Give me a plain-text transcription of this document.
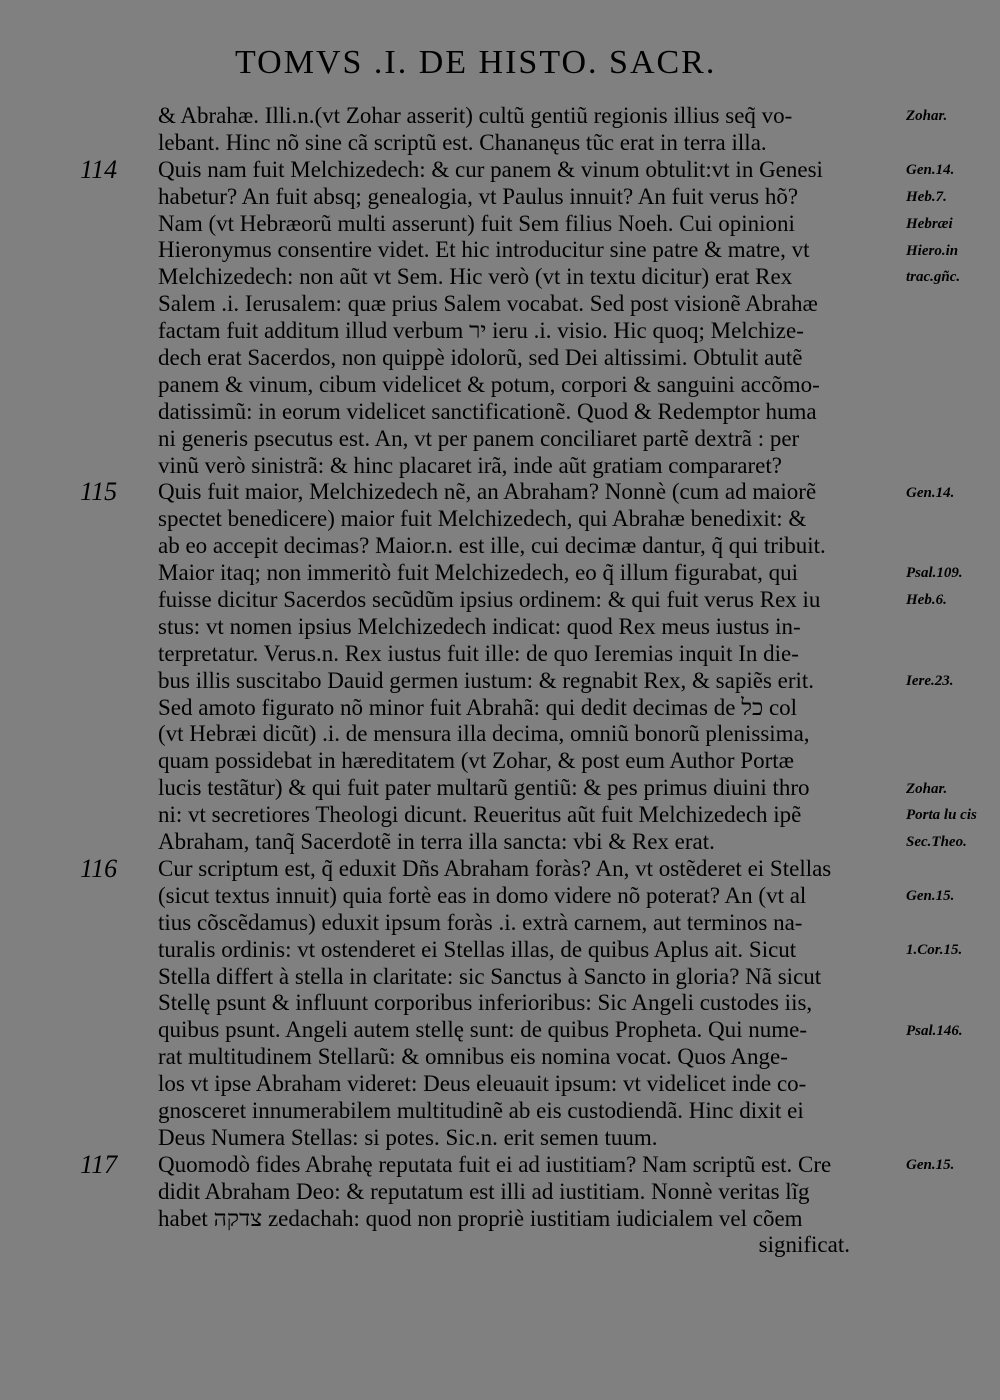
TOMVS .I. DE HISTO. SACR.
& Abrahæ. Illi.n.(vt Zohar asserit) cultũ gentiũ regionis illius seq̃ vo-
lebant. Hinc nõ sine cã scriptũ est. Chananęus tũc erat in terra illa.
114	Quis nam fuit Melchizedech: & cur panem & vinum obtulit:vt in Genesi
habetur? An fuit absq; genealogia, vt Paulus innuit? An fuit verus hõ?
Nam (vt Hebræorũ multi asserunt) fuit Sem filius Noeh. Cui opinioni
Hieronymus consentire videt. Et hic introducitur sine patre & matre, vt
Melchizedech: non aũt vt Sem. Hic verò (vt in textu dicitur) erat Rex
Salem .i. Ierusalem: quæ prius Salem vocabat. Sed post visionẽ Abrahæ
factam fuit additum illud verbum יר ieru .i. visio. Hic quoq; Melchize-
dech erat Sacerdos, non quippè idolorũ, sed Dei altissimi. Obtulit autẽ
panem & vinum, cibum videlicet & potum, corpori & sanguini accõmo-
datissimũ: in eorum videlicet sanctificationẽ. Quod & Redemptor huma
ni generis psecutus est. An, vt per panem conciliaret partẽ dextrã : per
vinũ verò sinistrã: & hinc placaret irã, inde aũt gratiam compararet?
115	Quis fuit maior, Melchizedech nẽ, an Abraham? Nonnè (cum ad maiorẽ
spectet benedicere) maior fuit Melchizedech, qui Abrahæ benedixit: &
ab eo accepit decimas? Maior.n. est ille, cui decimæ dantur, q̃ qui tribuit.
Maior itaq; non immeritò fuit Melchizedech, eo q̃ illum figurabat, qui
fuisse dicitur Sacerdos secũdũm ipsius ordinem: & qui fuit verus Rex iu
stus: vt nomen ipsius Melchizedech indicat: quod Rex meus iustus in-
terpretatur. Verus.n. Rex iustus fuit ille: de quo Ieremias inquit In die-
bus illis suscitabo Dauid germen iustum: & regnabit Rex, & sapiẽs erit.
Sed amoto figurato nõ minor fuit Abrahã: qui dedit decimas de כל col
(vt Hebræi dicũt) .i. de mensura illa decima, omniũ bonorũ plenissima,
quam possidebat in hæreditatem (vt Zohar, & post eum Author Portæ
lucis testãtur) & qui fuit pater multarũ gentiũ: & pes primus diuini thro
ni: vt secretiores Theologi dicunt. Reueritus aũt fuit Melchizedech ipẽ
Abraham, tanq̃ Sacerdotẽ in terra illa sancta: vbi & Rex erat.
116	Cur scriptum est, q̃ eduxit Dñs Abraham foràs? An, vt ostẽderet ei Stellas
(sicut textus innuit) quia fortè eas in domo videre nõ poterat? An (vt al
tius cõscẽdamus) eduxit ipsum foràs .i. extrà carnem, aut terminos na-
turalis ordinis: vt ostenderet ei Stellas illas, de quibus Aplus ait. Sicut
Stella differt à stella in claritate: sic Sanctus à Sancto in gloria? Nã sicut
Stellę psunt & influunt corporibus inferioribus: Sic Angeli custodes iis,
quibus psunt. Angeli autem stellę sunt: de quibus Propheta. Qui nume-
rat multitudinem Stellarũ: & omnibus eis nomina vocat. Quos Ange-
los vt ipse Abraham videret: Deus eleuauit ipsum: vt videlicet inde co-
gnosceret innumerabilem multitudinẽ ab eis custodiendã. Hinc dixit ei
Deus Numera Stellas: si potes. Sic.n. erit semen tuum.
117	Quomodò fides Abrahę reputata fuit ei ad iustitiam? Nam scriptũ est. Cre
didit Abraham Deo: & reputatum est illi ad iustitiam. Nonnè veritas lĩg
habet צדקה zedachah: quod non propriè iustitiam iudicialem vel cõem
significat.
Zohar.
Gen.14.
Heb.7.
Hebræi
Hiero.in
trac.gñc.
Gen.14.
Psal.109.
Heb.6.
Iere.23.
Zohar.
Porta lu cis
Sec.Theo.
Gen.15.
1.Cor.15.
Psal.146.
Gen.15.
